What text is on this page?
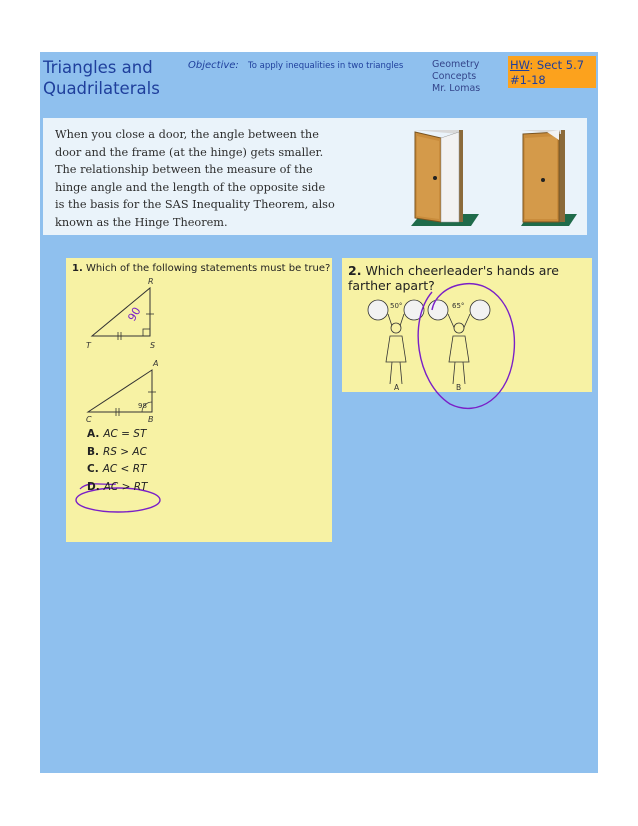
Triangles and
Quadrilaterals
Objective: To apply inequalities in two triangles	Geometry
Concepts
Mr. Lomas
HW: Sect 5.7
#1-18
When you close a door, the angle between the
door and the frame (at the hinge) gets smaller.
The relationship between the measure of the
hinge angle and the length of the opposite side
is the basis for the SAS Inequality Theorem, also
known as the Hinge Theorem.
1. Which of the following statements must be true?
R
T	S
90
A
C	B
98
A. AC = ST
B. RS > AC
C. AC < RT
D. AC > RT
2. Which cheerleader's hands are farther apart?
50°
A
65°
B
